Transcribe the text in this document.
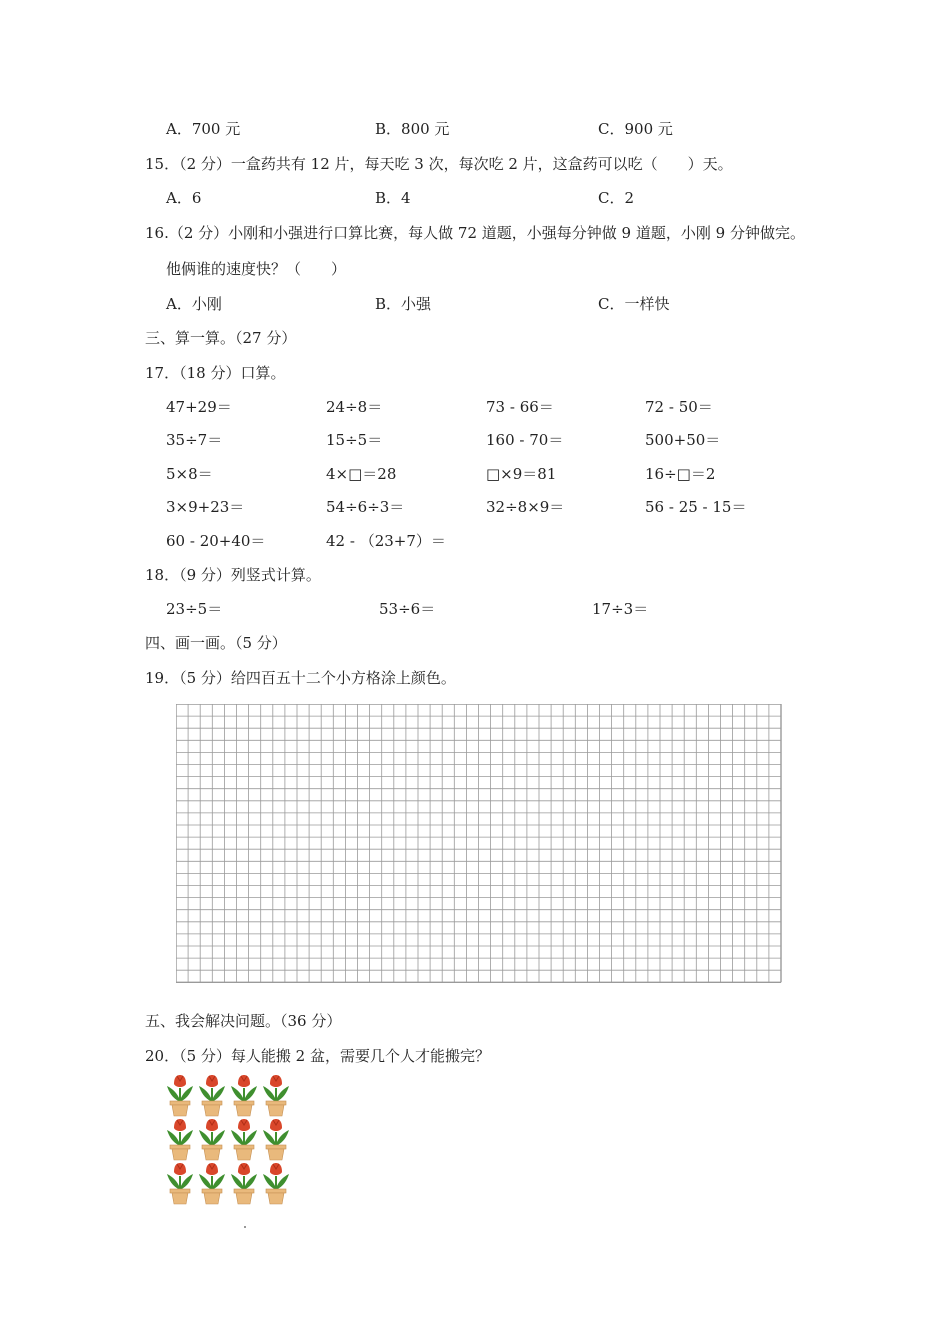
A．700 元	B．800 元	C．900 元
15．（2 分）一盒药共有 12 片，每天吃 3 次，每次吃 2 片，这盒药可以吃（　　）天。
A．6	B．4	C．2
16.（2 分）小刚和小强进行口算比赛，每人做 72 道题，小强每分钟做 9 道题，小刚 9 分钟做完。
他俩谁的速度快？（　　）
A．小刚	B．小强	C．一样快
三、算一算。（27 分）
17．（18 分）口算。
47+29＝	24÷8＝	73 - 66＝	72 - 50＝
35÷7＝	15÷5＝	160 - 70＝	500+50＝
5×8＝	4×□＝28	□×9＝81	16÷□＝2
3×9+23＝	54÷6÷3＝	32÷8×9＝	56 - 25 - 15＝
60 - 20+40＝	42 - （23+7）＝
18．（9 分）列竖式计算。
23÷5＝	53÷6＝	17÷3＝
四、画一画。（5 分）
19．（5 分）给四百五十二个小方格涂上颜色。
五、我会解决问题。（36 分）
20．（5 分）每人能搬 2 盆，需要几个人才能搬完？
